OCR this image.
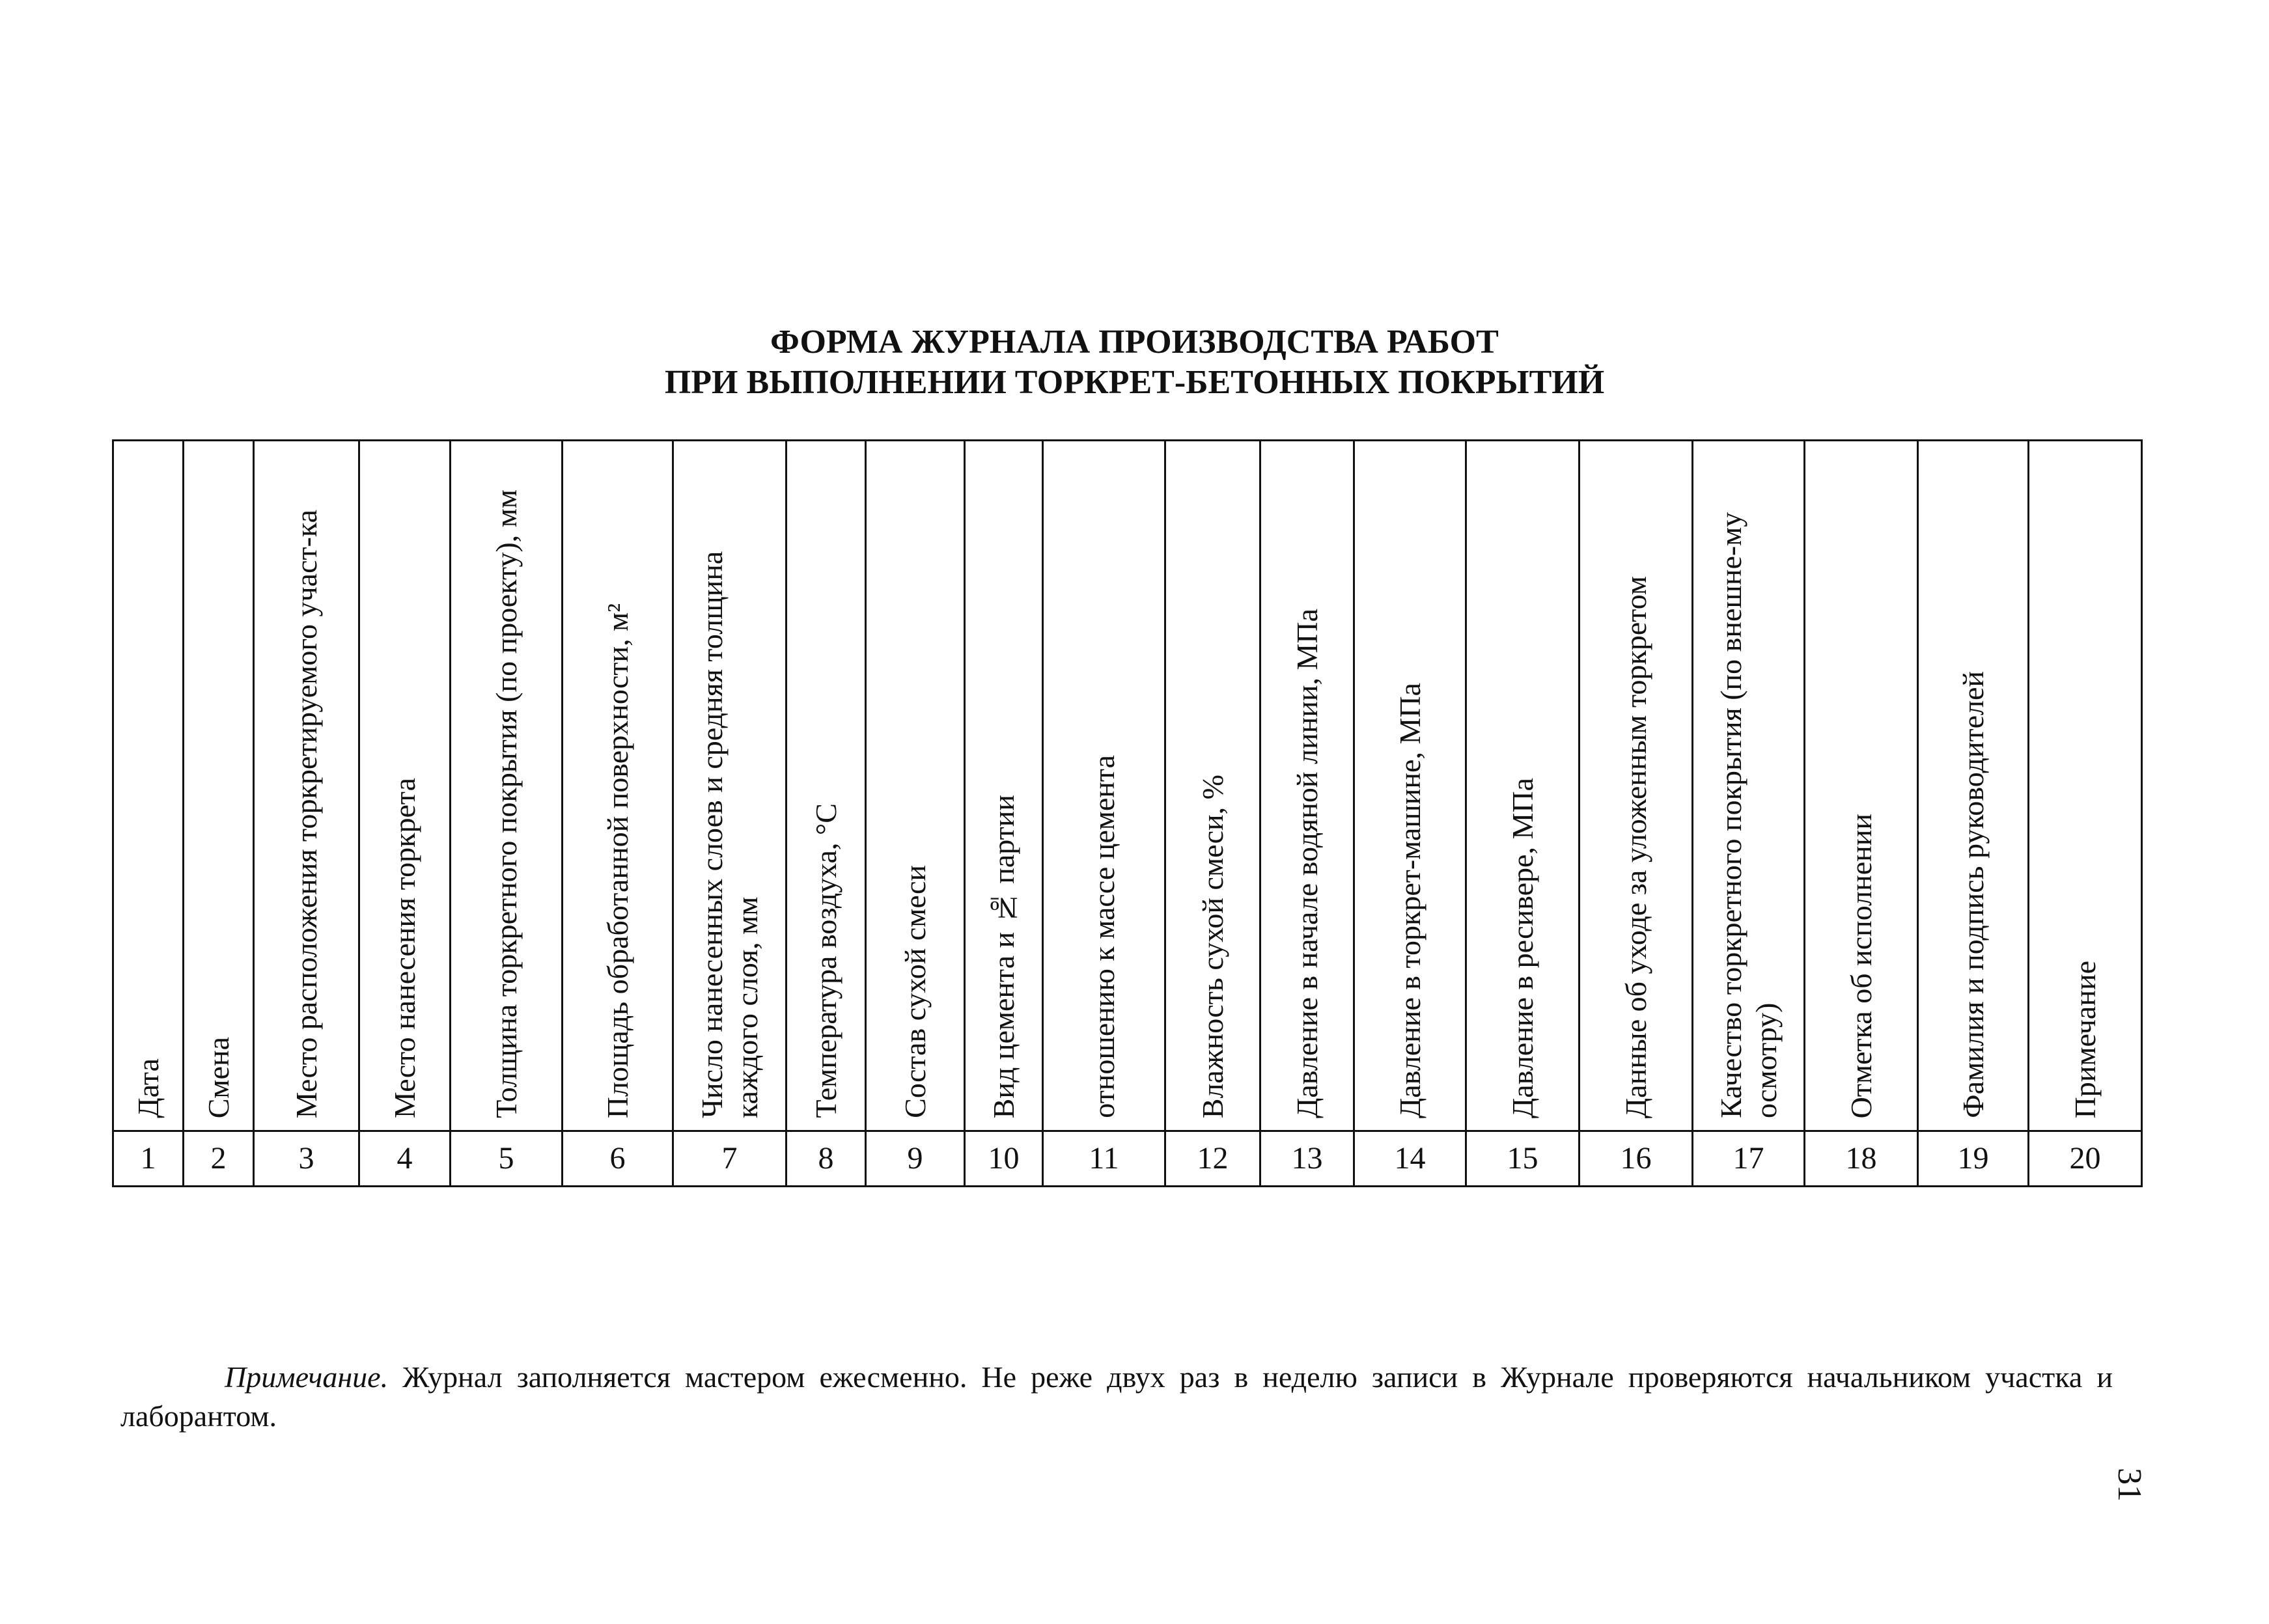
ФОРМА ЖУРНАЛА ПРОИЗВОДСТВА РАБОТ
ПРИ ВЫПОЛНЕНИИ ТОРКРЕТ-БЕТОННЫХ ПОКРЫТИЙ
Дата	Смена	Место расположения торкретируемого участ-ка	Место нанесения торкрета	Толщина торкретного покрытия (по проекту), мм	Площадь обработанной поверхности, м²	Число нанесенных слоев и средняя толщина каждого слоя, мм	Температура воздуха, °С	Состав сухой смеси	Вид цемента и № партии	отношению к массе цемента	Влажность сухой смеси, %	Давление в начале водяной линии, МПа	Давление в торкрет-машине, МПа	Давление в ресивере, МПа	Данные об уходе за уложенным торкретом	Качество торкретного покрытия (по внешне-му осмотру)	Отметка об исполнении	Фамилия и подпись руководителей	Примечание

1	2	3	4	5	6	7	8	9	10	11	12	13	14	15	16	17	18	19	20

Примечание. Журнал заполняется мастером ежесменно. Не реже двух раз в неделю записи в Журнале проверяются начальником участка и лаборантом.

31
